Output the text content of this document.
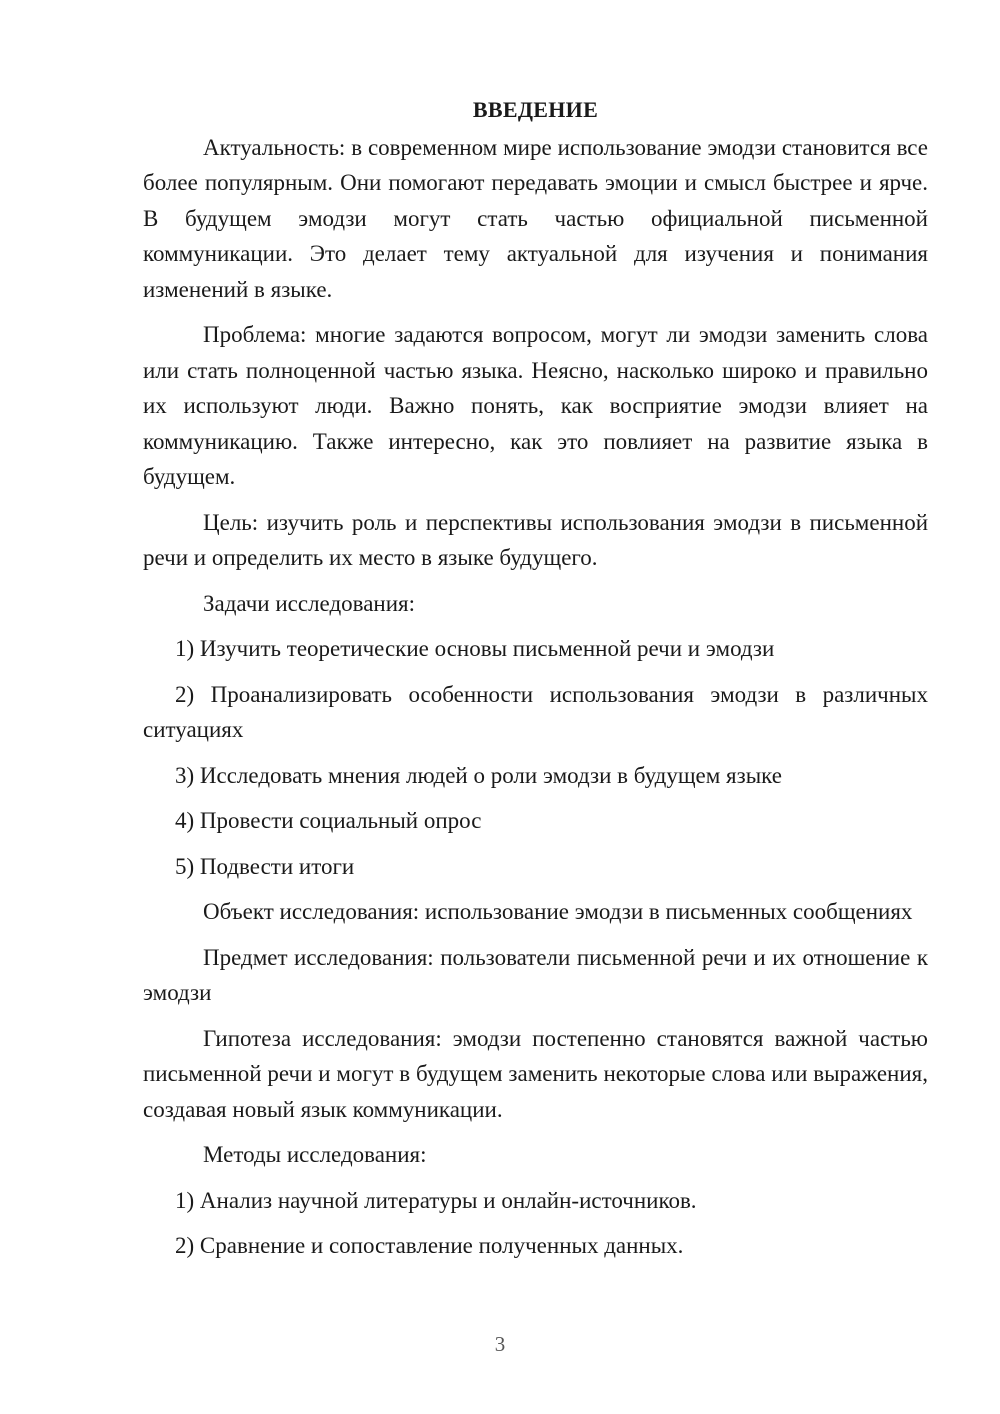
ВВЕДЕНИЕ

Актуальность: в современном мире использование эмодзи становится все более популярным. Они помогают передавать эмоции и смысл быстрее и ярче. В будущем эмодзи могут стать частью официальной письменной коммуникации. Это делает тему актуальной для изучения и понимания изменений в языке.

Проблема: многие задаются вопросом, могут ли эмодзи заменить слова или стать полноценной частью языка. Неясно, насколько широко и правильно их используют люди. Важно понять, как восприятие эмодзи влияет на коммуникацию. Также интересно, как это повлияет на развитие языка в будущем.

Цель: изучить роль и перспективы использования эмодзи в письменной речи и определить их место в языке будущего.

Задачи исследования:

1) Изучить теоретические основы письменной речи и эмодзи

2) Проанализировать особенности использования эмодзи в различных ситуациях

3) Исследовать мнения людей о роли эмодзи в будущем языке

4) Провести социальный опрос

5) Подвести итоги

Объект исследования: использование эмодзи в письменных сообщениях

Предмет исследования: пользователи письменной речи и их отношение к эмодзи

Гипотеза исследования: эмодзи постепенно становятся важной частью письменной речи и могут в будущем заменить некоторые слова или выражения, создавая новый язык коммуникации.

Методы исследования:

1) Анализ научной литературы и онлайн-источников.

2) Сравнение и сопоставление полученных данных.

3
